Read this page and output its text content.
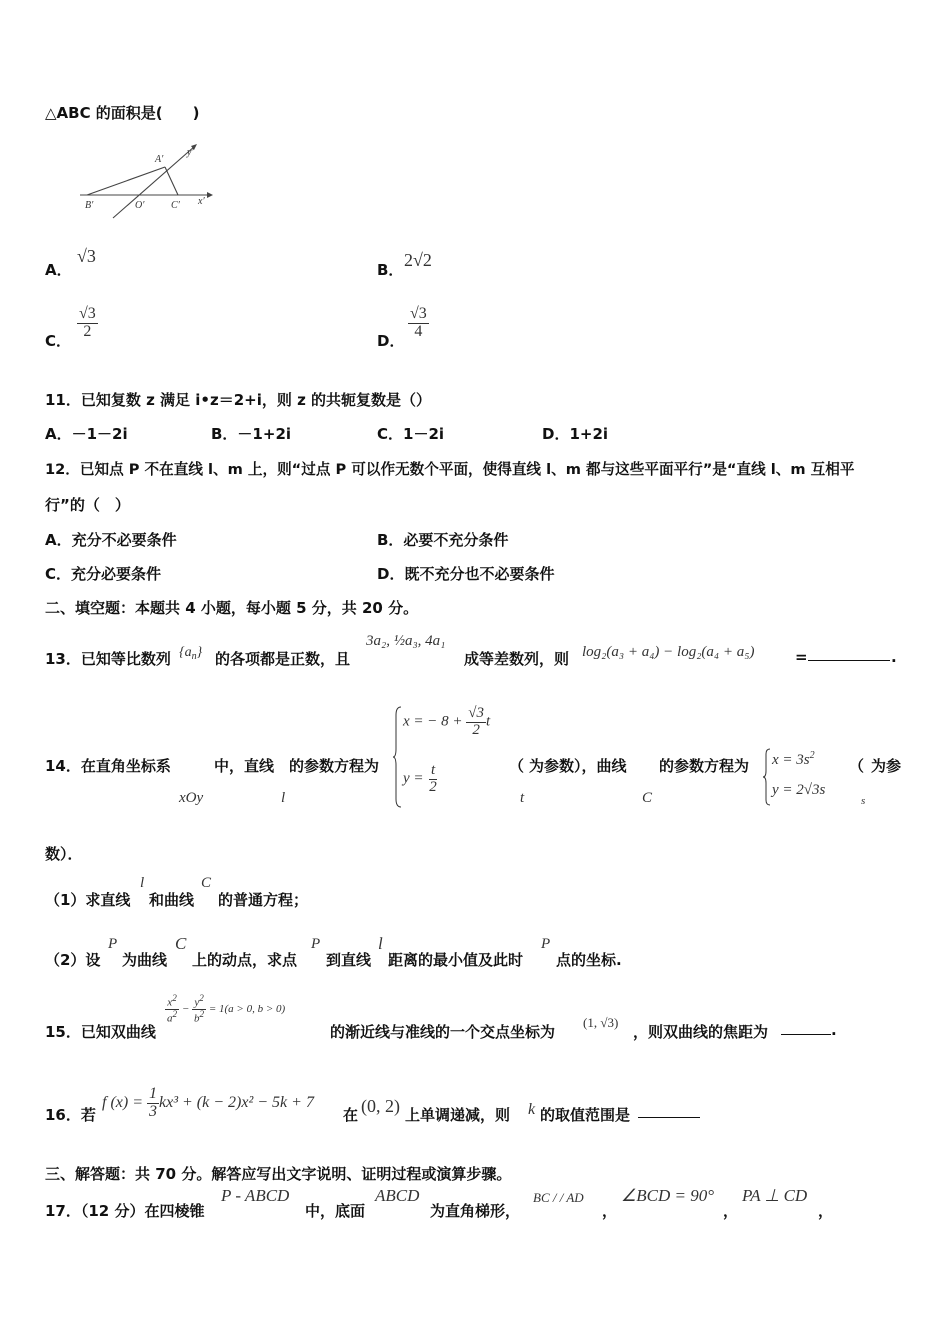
△ABC 的面积是(　　)
A′
y′
B′	O′	C′ x′
A．
√3
B． 2√2
C．
$\frac{√3}{2}$
D．
$\frac{√3}{4}$
11．已知复数 z 满足 i•z＝2+i，则 z 的共轭复数是（）
A．－1－2i	B．－1+2i	C．1－2i	D．1+2i
12．已知点 P 不在直线 l、m 上，则“过点 P 可以作无数个平面，使得直线 l、m 都与这些平面平行”是“直线 l、m 互相平
行”的（　）
A．充分不必要条件	B．必要不充分条件
C．充分必要条件	D．既不充分也不必要条件
二、填空题：本题共 4 小题，每小题 5 分，共 20 分。
13．已知等比数列 $\{a_n\}$ 的各项都是正数，且
3a₂, ½a₃, 4a₁
成等差数列，则 log₂(a₃ + a₄) − log₂(a₄ + a₅)	=	.
14．在直角坐标系
xOy
中，直线
l
的参数方程为
x = − $8 + \frac{√3}{2}$ t
$y = \frac{t}{2}$	（
t
为参数），曲线
C
的参数方程为 $x = 3s^2$
y = 2√3s
（
s
为参
数）．
（1）求直线
l
和曲线
C
的普通方程；
（2）设
P
为曲线
C
上的动点，求点
P
到直线
l
距离的最小值及此时
P
点的坐标.
15．已知双曲线
$\frac{x^2}{a^2} - \frac{y^2}{b^2} = 1(a > 0$, b > 0)
的渐近线与准线的一个交点坐标为
(1, √3)
，则双曲线的焦距为	.
16．若
f $(x) = \frac{1}{3} kx^3 + (k - 2)x^2 - 5k + 7$
在 (0, 2) 上单调递减，则 k 的取值范围是
三、解答题：共 70 分。解答应写出文字说明、证明过程或演算步骤。
17．（12 分）在四棱锥
P - ABCD
中，底面
ABCD
为直角梯形，
BC / / AD
，
∠BCD = 90°
，
PA ⊥ CD
，
